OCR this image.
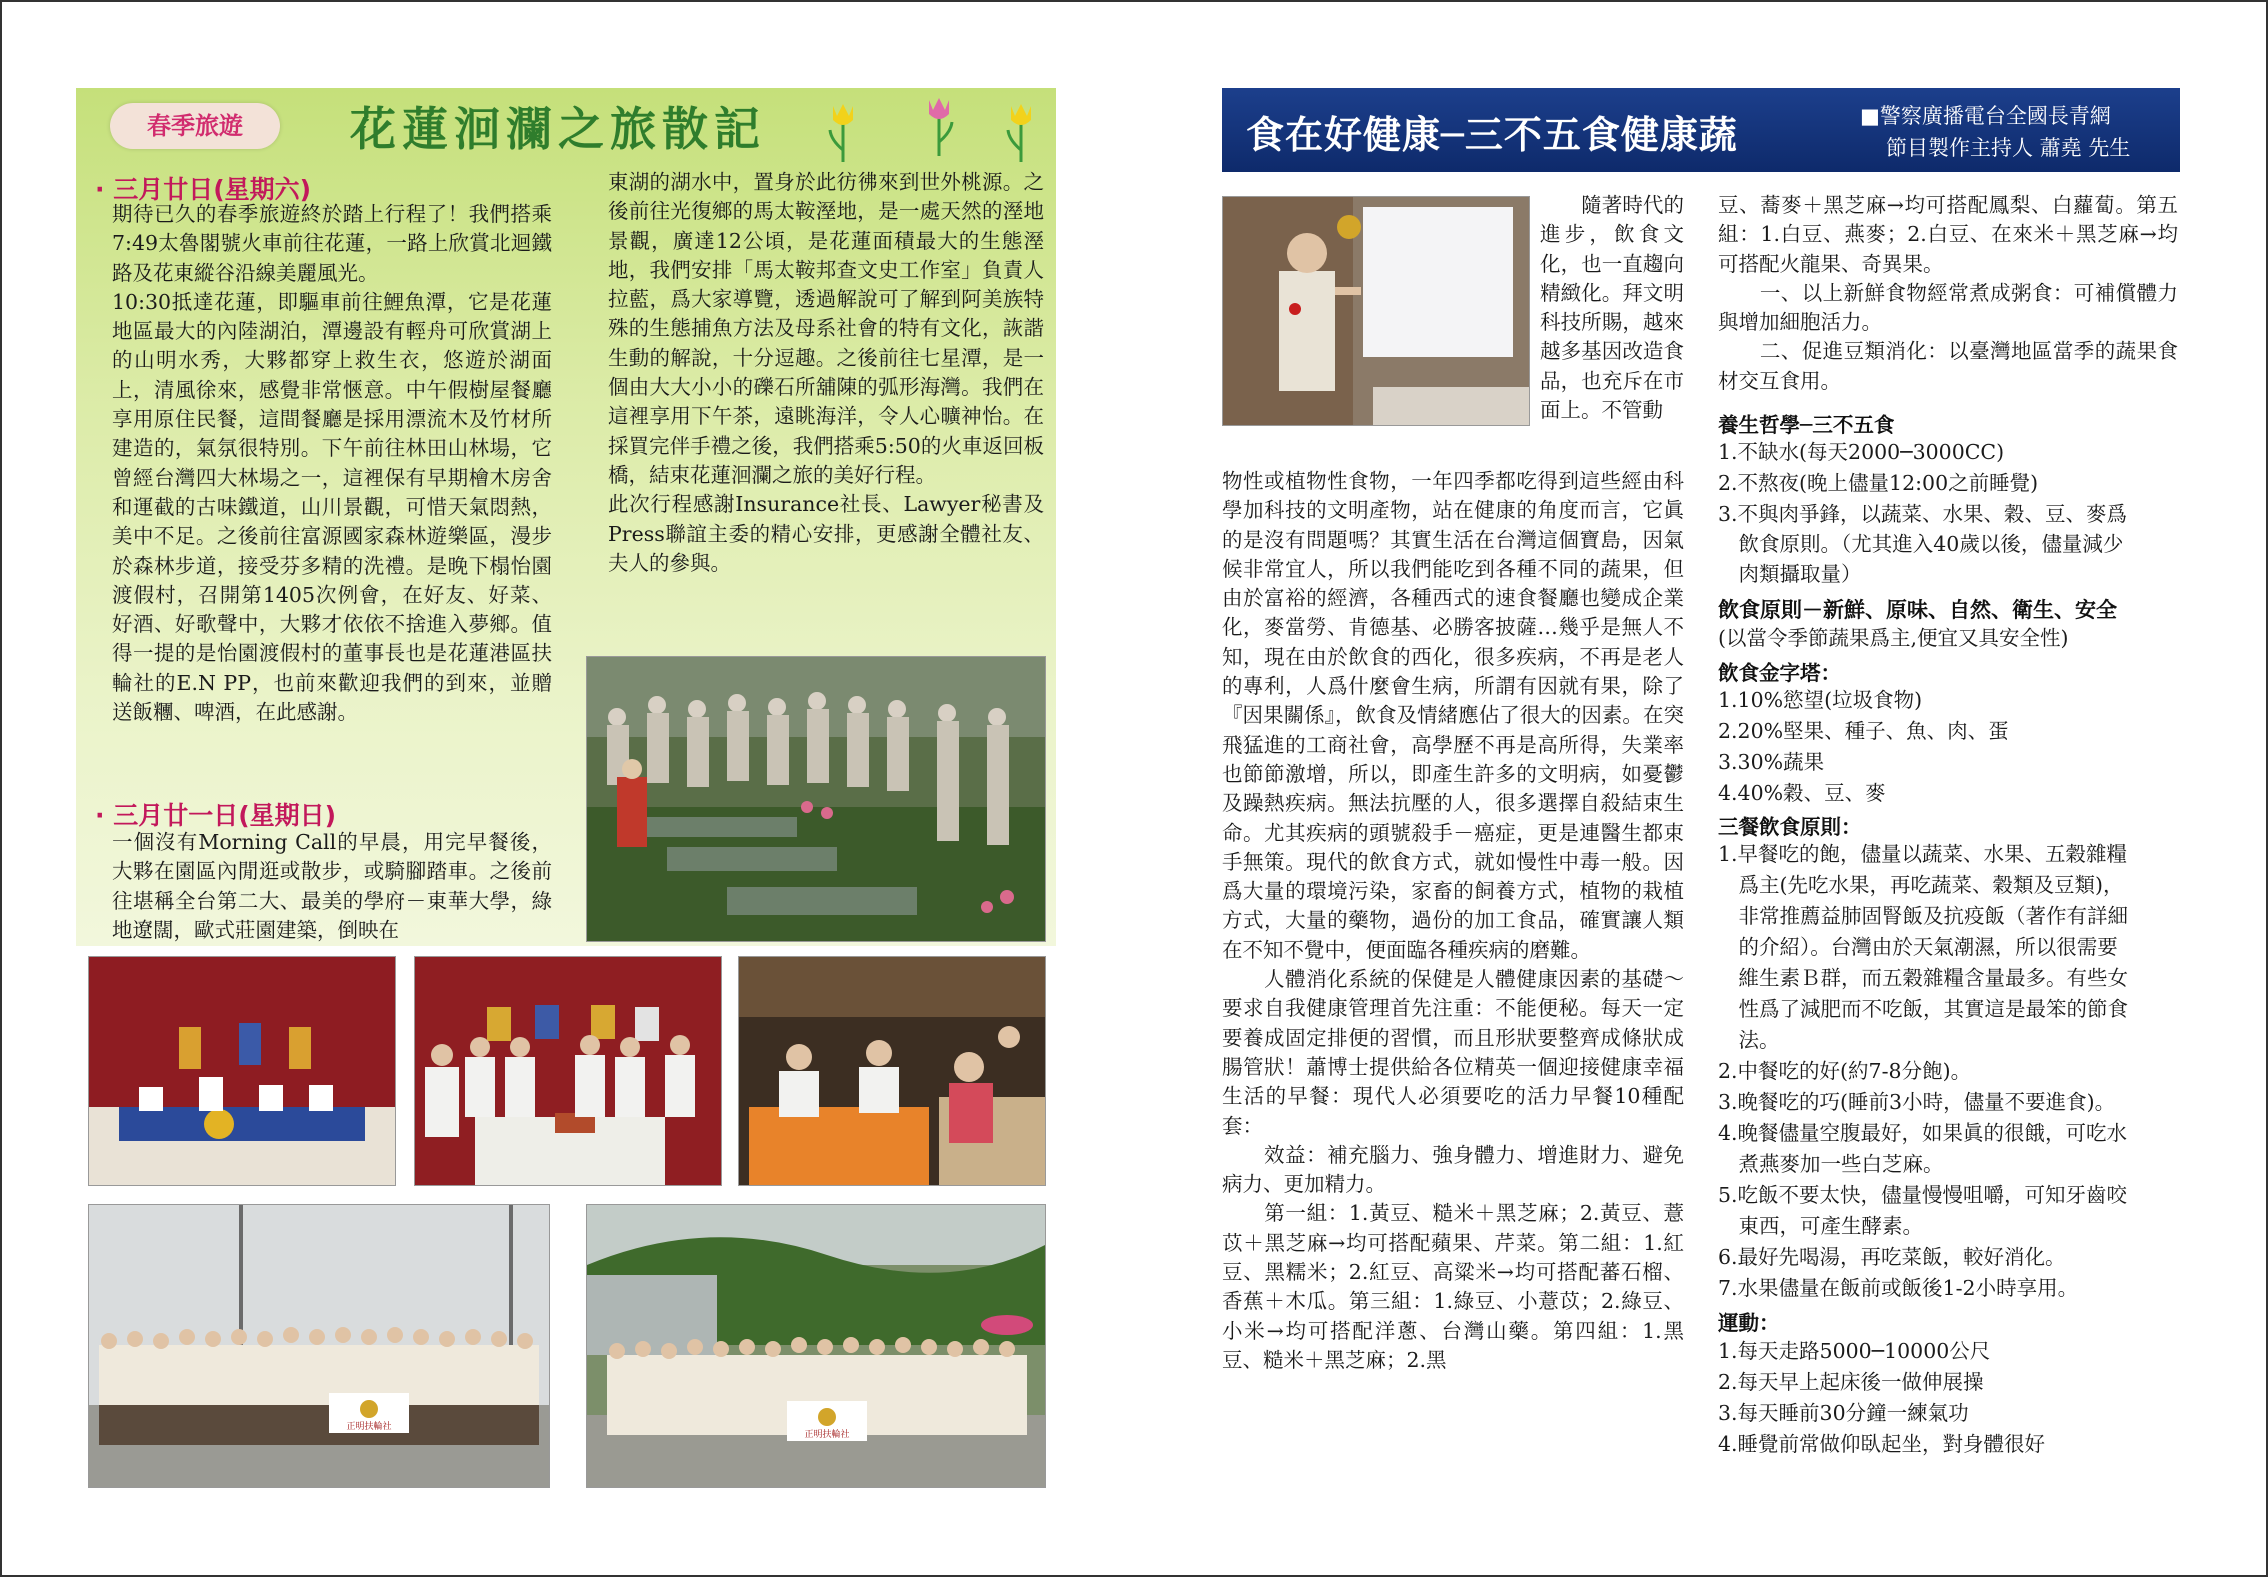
春季旅遊	花蓮洄瀾之旅散記
· 三月廿日(星期六)
期待已久的春季旅遊終於踏上行程了！我們搭乘7:49太魯閣號火車前往花蓮，一路上欣賞北迴鐵路及花東縱谷沿線美麗風光。
10:30抵達花蓮，即驅車前往鯉魚潭，它是花蓮地區最大的內陸湖泊，潭邊設有輕舟可欣賞湖上的山明水秀，大夥都穿上救生衣，悠遊於湖面上，清風徐來，感覺非常愜意。中午假樹屋餐廳享用原住民餐，這間餐廳是採用漂流木及竹材所建造的，氣氛很特別。下午前往林田山林場，它曾經台灣四大林場之一，這裡保有早期檜木房舍和運截的古味鐵道，山川景觀，可惜天氣悶熱，美中不足。之後前往富源國家森林遊樂區，漫步於森林步道，接受芬多精的洗禮。是晚下榻怡園渡假村，召開第1405次例會，在好友、好菜、好酒、好歌聲中，大夥才依依不捨進入夢鄉。值得一提的是怡園渡假村的董事長也是花蓮港區扶輪社的E.N PP，也前來歡迎我們的到來，並贈送飯糰、啤酒，在此感謝。
· 三月廿一日(星期日)
一個沒有Morning Call的早晨，用完早餐後，大夥在園區內閒逛或散步，或騎腳踏車。之後前往堪稱全台第二大、最美的學府－東華大學，綠地遼闊，歐式莊園建築，倒映在
東湖的湖水中，置身於此彷彿來到世外桃源。之後前往光復鄉的馬太鞍溼地，是一處天然的溼地景觀，廣達12公頃，是花蓮面積最大的生態溼地，我們安排「馬太鞍邦查文史工作室」負責人拉藍，爲大家導覽，透過解說可了解到阿美族特殊的生態捕魚方法及母系社會的特有文化，詼諧生動的解說，十分逗趣。之後前往七星潭，是一個由大大小小的礫石所舖陳的弧形海灣。我們在這裡享用下午茶，遠眺海洋，令人心曠神怡。在採買完伴手禮之後，我們搭乘5:50的火車返回板橋，結束花蓮洄瀾之旅的美好行程。
此次行程感謝Insurance社長、Lawyer秘書及Press聯誼主委的精心安排，更感謝全體社友、夫人的參與。
正明扶輪社
正明扶輪社
食在好健康─三不五食健康蔬	■警察廣播電台全國長青網
節目製作主持人 蕭堯 先生
　　隨著時代的進步，飲食文化，也一直趨向精緻化。拜文明科技所賜，越來越多基因改造食品，也充斥在市面上。不管動
物性或植物性食物，一年四季都吃得到這些經由科學加科技的文明產物，站在健康的角度而言，它眞的是沒有問題嗎？其實生活在台灣這個寶島，因氣候非常宜人，所以我們能吃到各種不同的蔬果，但由於富裕的經濟，各種西式的速食餐廳也變成企業化，麥當勞、肯德基、必勝客披薩…幾乎是無人不知，現在由於飲食的西化，很多疾病，不再是老人的專利，人爲什麼會生病，所謂有因就有果，除了『因果關係』，飲食及情緒應佔了很大的因素。在突飛猛進的工商社會，高學歷不再是高所得，失業率也節節激增，所以，即產生許多的文明病，如憂鬱及躁熱疾病。無法抗壓的人，很多選擇自殺結束生命。尤其疾病的頭號殺手－癌症，更是連醫生都束手無策。現代的飲食方式，就如慢性中毒一般。因爲大量的環境污染，家畜的飼養方式，植物的栽植方式，大量的藥物，過份的加工食品，確實讓人類在不知不覺中，便面臨各種疾病的磨難。
　　人體消化系統的保健是人體健康因素的基礎～要求自我健康管理首先注重：不能便秘。每天一定要養成固定排便的習慣，而且形狀要整齊成條狀成腸管狀！蕭博士提供給各位精英一個迎接健康幸福生活的早餐：現代人必須要吃的活力早餐10種配套：
　　效益：補充腦力、強身體力、增進財力、避免病力、更加精力。
　　第一組：1.黃豆、糙米＋黑芝麻；2.黃豆、薏苡＋黑芝麻→均可搭配蘋果、芹菜。第二組：1.紅豆、黑糯米；2.紅豆、高粱米→均可搭配蕃石榴、香蕉＋木瓜。第三組：1.綠豆、小薏苡；2.綠豆、小米→均可搭配洋蔥、台灣山藥。第四組：1.黑豆、糙米＋黑芝麻；2.黑
豆、蕎麥＋黑芝麻→均可搭配鳳梨、白蘿蔔。第五組：1.白豆、燕麥；2.白豆、在來米＋黑芝麻→均可搭配火龍果、奇異果。
　　一、以上新鮮食物經常煮成粥食：可補償體力與增加細胞活力。
　　二、促進豆類消化：以臺灣地區當季的蔬果食材交互食用。
養生哲學─三不五食
1.不缺水(每天2000─3000CC)
2.不熬夜(晚上儘量12:00之前睡覺)
3.不與肉爭鋒，以蔬菜、水果、穀、豆、麥爲
　飲食原則。（尤其進入40歲以後，儘量減少
　肉類攝取量）
飲食原則－新鮮、原味、自然、衛生、安全
(以當令季節蔬果爲主,便宜又具安全性)
飲食金字塔：
1.10%慾望(垃圾食物)
2.20%堅果、種子、魚、肉、蛋
3.30%蔬果
4.40%穀、豆、麥
三餐飲食原則：
1.早餐吃的飽，儘量以蔬菜、水果、五穀雜糧
　爲主(先吃水果，再吃蔬菜、穀類及豆類)，
　非常推薦益肺固腎飯及抗疫飯（著作有詳細
　的介紹）。台灣由於天氣潮濕，所以很需要
　維生素Ｂ群，而五穀雜糧含量最多。有些女
　性爲了減肥而不吃飯，其實這是最笨的節食
　法。
2.中餐吃的好(約7-8分飽)。
3.晚餐吃的巧(睡前3小時，儘量不要進食)。
4.晚餐儘量空腹最好，如果眞的很餓，可吃水
　煮燕麥加一些白芝麻。
5.吃飯不要太快，儘量慢慢咀嚼，可知牙齒咬
　東西，可產生酵素。
6.最好先喝湯，再吃菜飯，較好消化。
7.水果儘量在飯前或飯後1-2小時享用。
運動：
1.每天走路5000─10000公尺
2.每天早上起床後一做伸展操
3.每天睡前30分鐘一練氣功
4.睡覺前常做仰臥起坐，對身體很好
